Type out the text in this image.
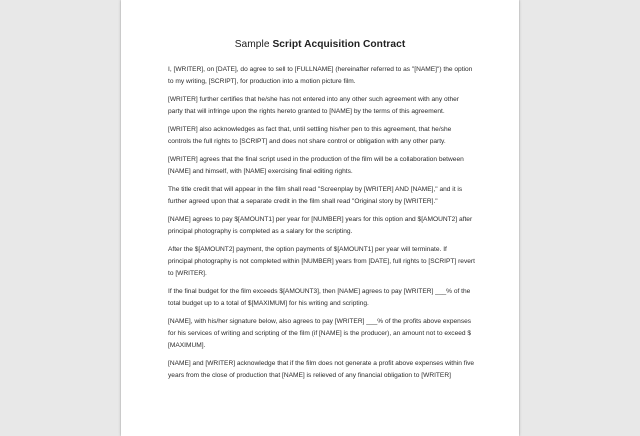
Sample Script Acquisition Contract

I, [WRITER], on [DATE], do agree to sell to [FULLNAME] (hereinafter referred to as "[NAME]") the option
to my writing, [SCRIPT], for production into a motion picture film.

[WRITER] further certifies that he/she has not entered into any other such agreement with any other
party that will infringe upon the rights hereto granted to [NAME] by the terms of this agreement.

[WRITER] also acknowledges as fact that, until settling his/her pen to this agreement, that he/she
controls the full rights to [SCRIPT] and does not share control or obligation with any other party.

[WRITER] agrees that the final script used in the production of the film will be a collaboration between
[NAME] and himself, with [NAME] exercising final editing rights.

The title credit that will appear in the film shall read "Screenplay by [WRITER] AND [NAME]," and it is
further agreed upon that a separate credit in the film shall read "Original story by [WRITER]."

[NAME] agrees to pay $[AMOUNT1] per year for [NUMBER] years for this option and $[AMOUNT2] after
principal photography is completed as a salary for the scripting.

After the $[AMOUNT2] payment, the option payments of $[AMOUNT1] per year will terminate. If
principal photography is not completed within [NUMBER] years from [DATE], full rights to [SCRIPT] revert
to [WRITER].

If the final budget for the film exceeds $[AMOUNT3], then [NAME] agrees to pay [WRITER] ___% of the
total budget up to a total of $[MAXIMUM] for his writing and scripting.

[NAME], with his/her signature below, also agrees to pay [WRITER] ___% of the profits above expenses
for his services of writing and scripting of the film (if [NAME] is the producer), an amount not to exceed $
[MAXIMUM].

[NAME] and [WRITER] acknowledge that if the film does not generate a profit above expenses within five
years from the close of production that [NAME] is relieved of any financial obligation to [WRITER]
